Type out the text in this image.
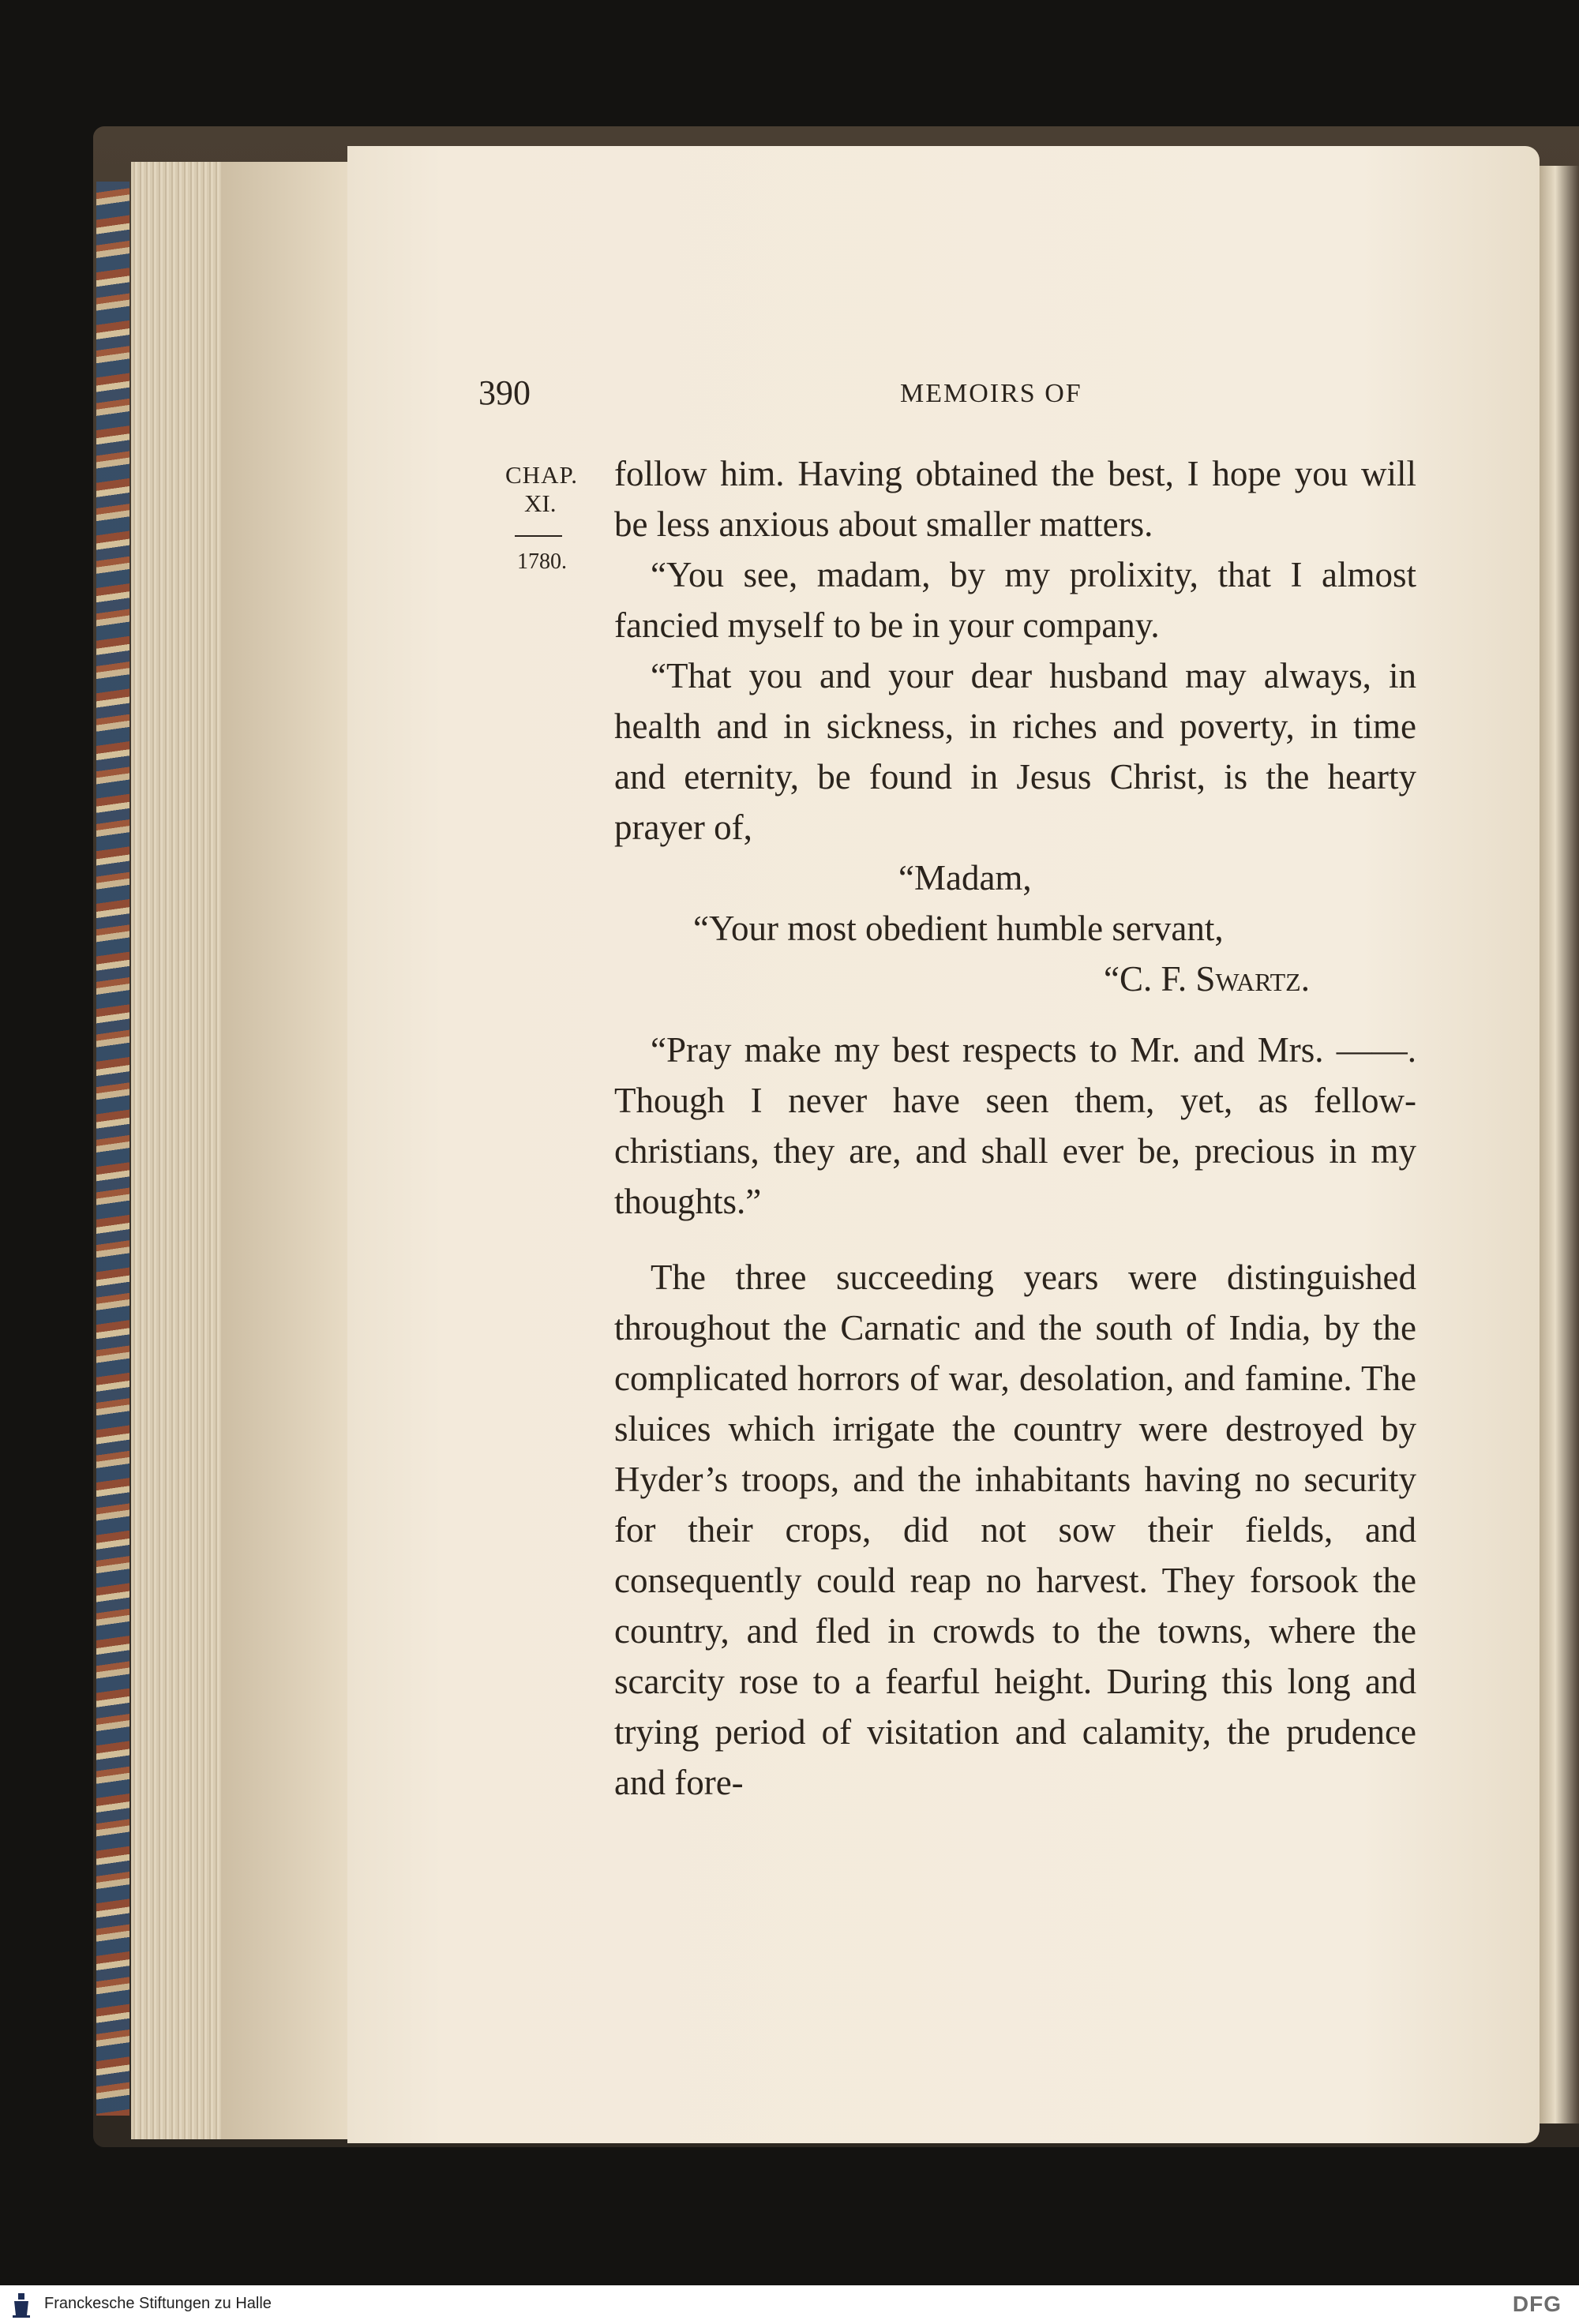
390	MEMOIRS OF
CHAP.
XI.
1780.

follow him. Having obtained the best, I hope you will be less anxious about smaller matters.

“You see, madam, by my prolixity, that I almost fancied myself to be in your company.

“That you and your dear husband may always, in health and in sickness, in riches and poverty, in time and eternity, be found in Jesus Christ, is the hearty prayer of,

“Madam,

“Your most obedient humble servant,

“C. F. Swartz.

“Pray make my best respects to Mr. and Mrs. ——. Though I never have seen them, yet, as fellow-christians, they are, and shall ever be, precious in my thoughts.”

The three succeeding years were distinguished throughout the Carnatic and the south of India, by the complicated horrors of war, desolation, and famine. The sluices which irrigate the country were destroyed by Hyder’s troops, and the inhabitants having no security for their crops, did not sow their fields, and consequently could reap no harvest. They forsook the country, and fled in crowds to the towns, where the scarcity rose to a fearful height. During this long and trying period of visitation and calamity, the prudence and fore-

Franckesche Stiftungen zu Halle	DFG
